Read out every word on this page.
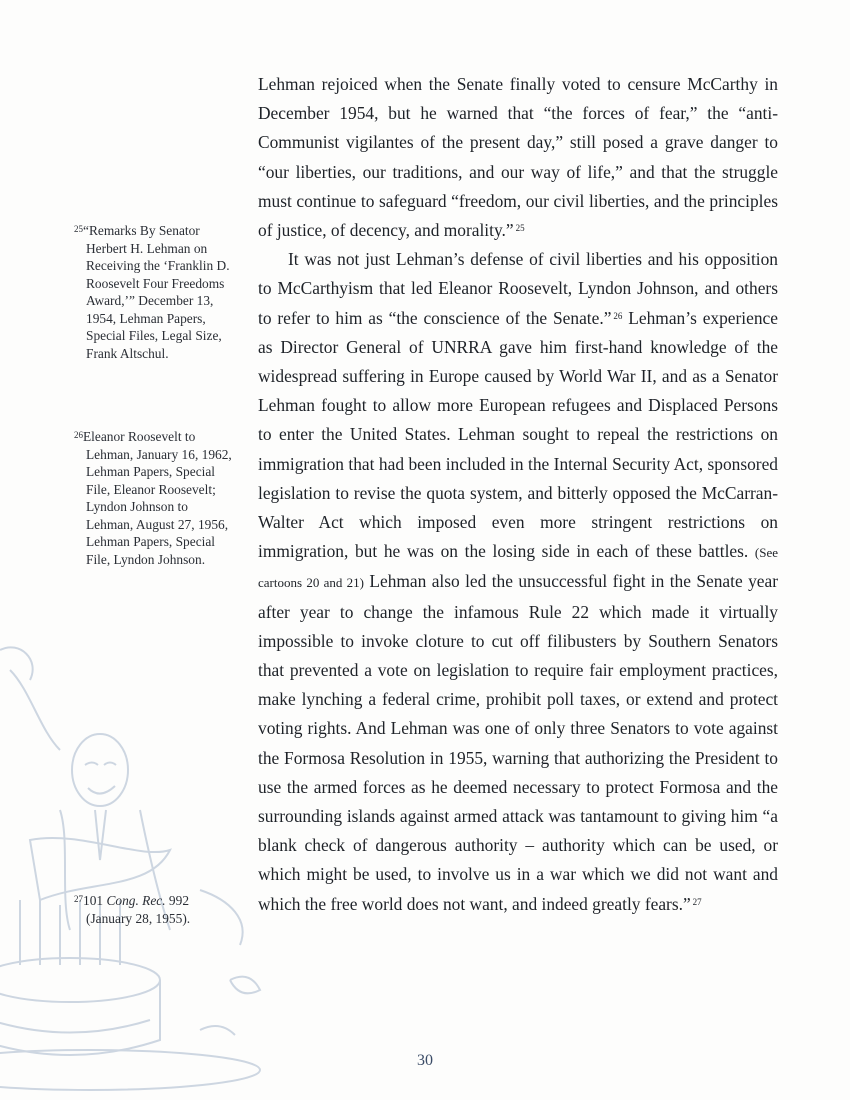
$^{25}$“Remarks By Senator Herbert H. Lehman on Receiving the ‘Franklin D. Roosevelt Four Freedoms Award,’” December 13, 1954, Lehman Papers, Special Files, Legal Size, Frank Altschul.
$^{26}$Eleanor Roosevelt to Lehman, January 16, 1962, Lehman Papers, Special File, Eleanor Roosevelt; Lyndon Johnson to Lehman, August 27, 1956, Lehman Papers, Special File, Lyndon Johnson.
$^{27}$101 Cong. Rec. 992 (January 28, 1955).

Lehman rejoiced when the Senate finally voted to censure McCarthy in December 1954, but he warned that “the forces of fear,” the “anti-Communist vigilantes of the present day,” still posed a grave danger to “our liberties, our traditions, and our way of life,” and that the struggle must continue to safeguard “freedom, our civil liberties, and the principles of justice, of decency, and morality.” $^{25}$

It was not just Lehman’s defense of civil liberties and his opposition to McCarthyism that led Eleanor Roosevelt, Lyndon Johnson, and others to refer to him as “the conscience of the Senate.” $^{26}$ Lehman’s experience as Director General of UNRRA gave him first-hand knowledge of the widespread suffering in Europe caused by World War II, and as a Senator Lehman fought to allow more European refugees and Displaced Persons to enter the United States. Lehman sought to repeal the restrictions on immigration that had been included in the Internal Security Act, sponsored legislation to revise the quota system, and bitterly opposed the McCarran-Walter Act which imposed even more stringent restrictions on immigration, but he was on the losing side in each of these battles. (See cartoons 20 and 21) Lehman also led the unsuccessful fight in the Senate year after year to change the infamous Rule 22 which made it virtually impossible to invoke cloture to cut off filibusters by Southern Senators that prevented a vote on legislation to require fair employment practices, make lynching a federal crime, prohibit poll taxes, or extend and protect voting rights. And Lehman was one of only three Senators to vote against the Formosa Resolution in 1955, warning that authorizing the President to use the armed forces as he deemed necessary to protect Formosa and the surrounding islands against armed attack was tantamount to giving him “a blank check of dangerous authority – authority which can be used, or which might be used, to involve us in a war which we did not want and which the free world does not want, and indeed greatly fears.” $^{27}$

30
